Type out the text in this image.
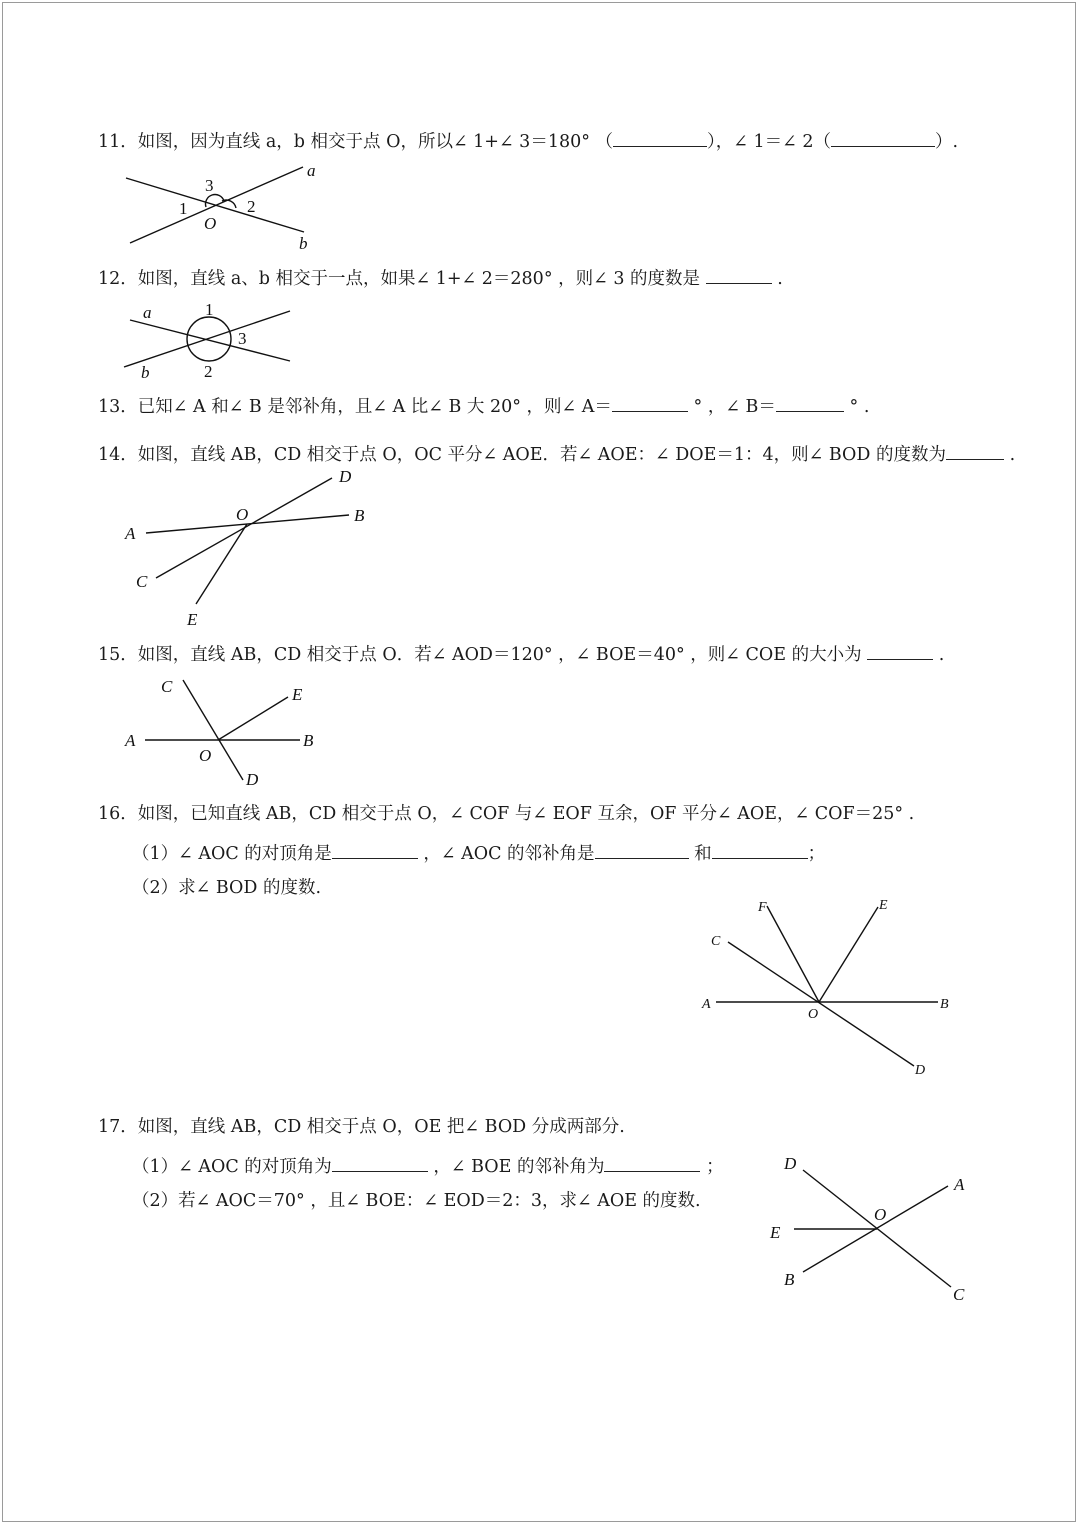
11．如图，因为直线 a，b 相交于点 O，所以∠ 1+∠ 3＝180° （	），∠ 1＝∠ 2（	）.
a
b
O
1	2
3
12．如图，直线 a、b 相交于一点，如果∠ 1+∠ 2＝280° ，则∠ 3 的度数是	.
a
b
1
2
3
13．已知∠ A 和∠ B 是邻补角，且∠ A 比∠ B 大 20° ，则∠ A＝	° ，∠ B＝	° .
14．如图，直线 AB，CD 相交于点 O，OC 平分∠ AOE．若∠ AOE：∠ DOE＝1：4，则∠ BOD 的度数为	.
A
B
C
D
E
O
15．如图，直线 AB，CD 相交于点 O．若∠ AOD＝120° ，∠ BOE＝40° ，则∠ COE 的大小为	.
A	B
C
D
E
O
16．如图，已知直线 AB，CD 相交于点 O，∠ COF 与∠ EOF 互余，OF 平分∠ AOE，∠ COF＝25° .
（1）∠ AOC 的对顶角是	，∠ AOC 的邻补角是	和	；
（2）求∠ BOD 的度数.
A	B
C
D
E
F
O
17．如图，直线 AB，CD 相交于点 O，OE 把∠ BOD 分成两部分.
（1）∠ AOC 的对顶角为	，∠ BOE 的邻补角为	；
（2）若∠ AOC＝70° ，且∠ BOE：∠ EOD＝2：3，求∠ AOE 的度数.
A
B
C
D
E
O
